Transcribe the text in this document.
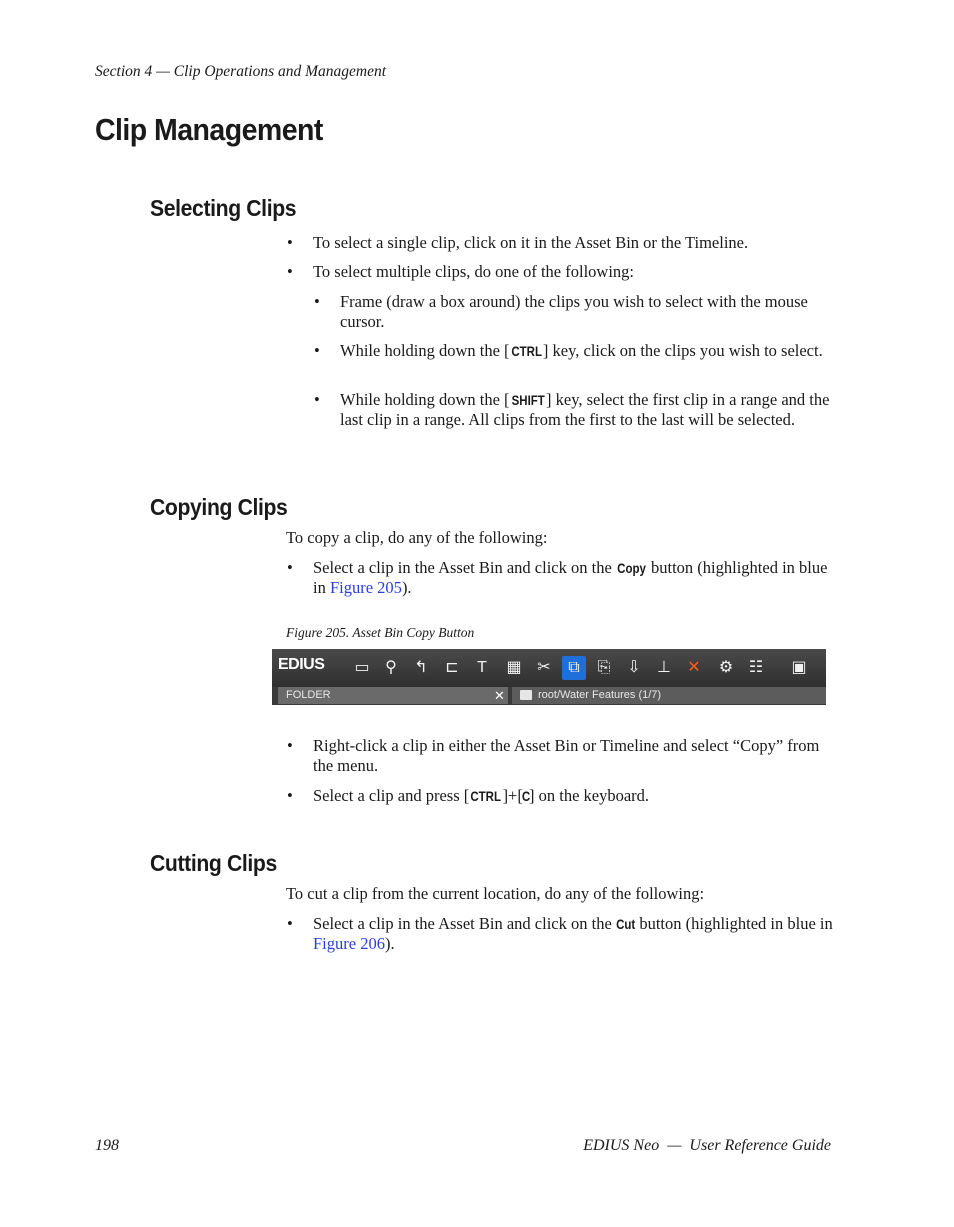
Section 4 — Clip Operations and Management
Clip Management
Selecting Clips
• To select a single clip, click on it in the Asset Bin or the Timeline.
• To select multiple clips, do one of the following:
• Frame (draw a box around) the clips you wish to select with the mouse cursor.
• While holding down the [CTRL] key, click on the clips you wish to select.
• While holding down the [ SHIFT] key, select the first clip in a range and the last clip in a range. All clips from the first to the last will be selected.
Copying Clips
To copy a clip, do any of the following:
• Select a clip in the Asset Bin and click on the Copy button (highlighted in blue in Figure 205).
Figure 205. Asset Bin Copy Button
EDIUS ▭ ⚲	↰	⊏	T	▦ ✂	⧉	⎘	⇩	⊥	✕	⚙ ☷	▣
FOLDER	✕	root/Water Features (1/7)
• Right-click a clip in either the Asset Bin or Timeline and select “Copy” from the menu.
• Select a clip and press [CTRL]+[C] on the keyboard.
Cutting Clips
To cut a clip from the current location, do any of the following:
• Select a clip in the Asset Bin and click on the Cut button (highlighted in blue in Figure 206).
198	EDIUS Neo  —  User Reference Guide
